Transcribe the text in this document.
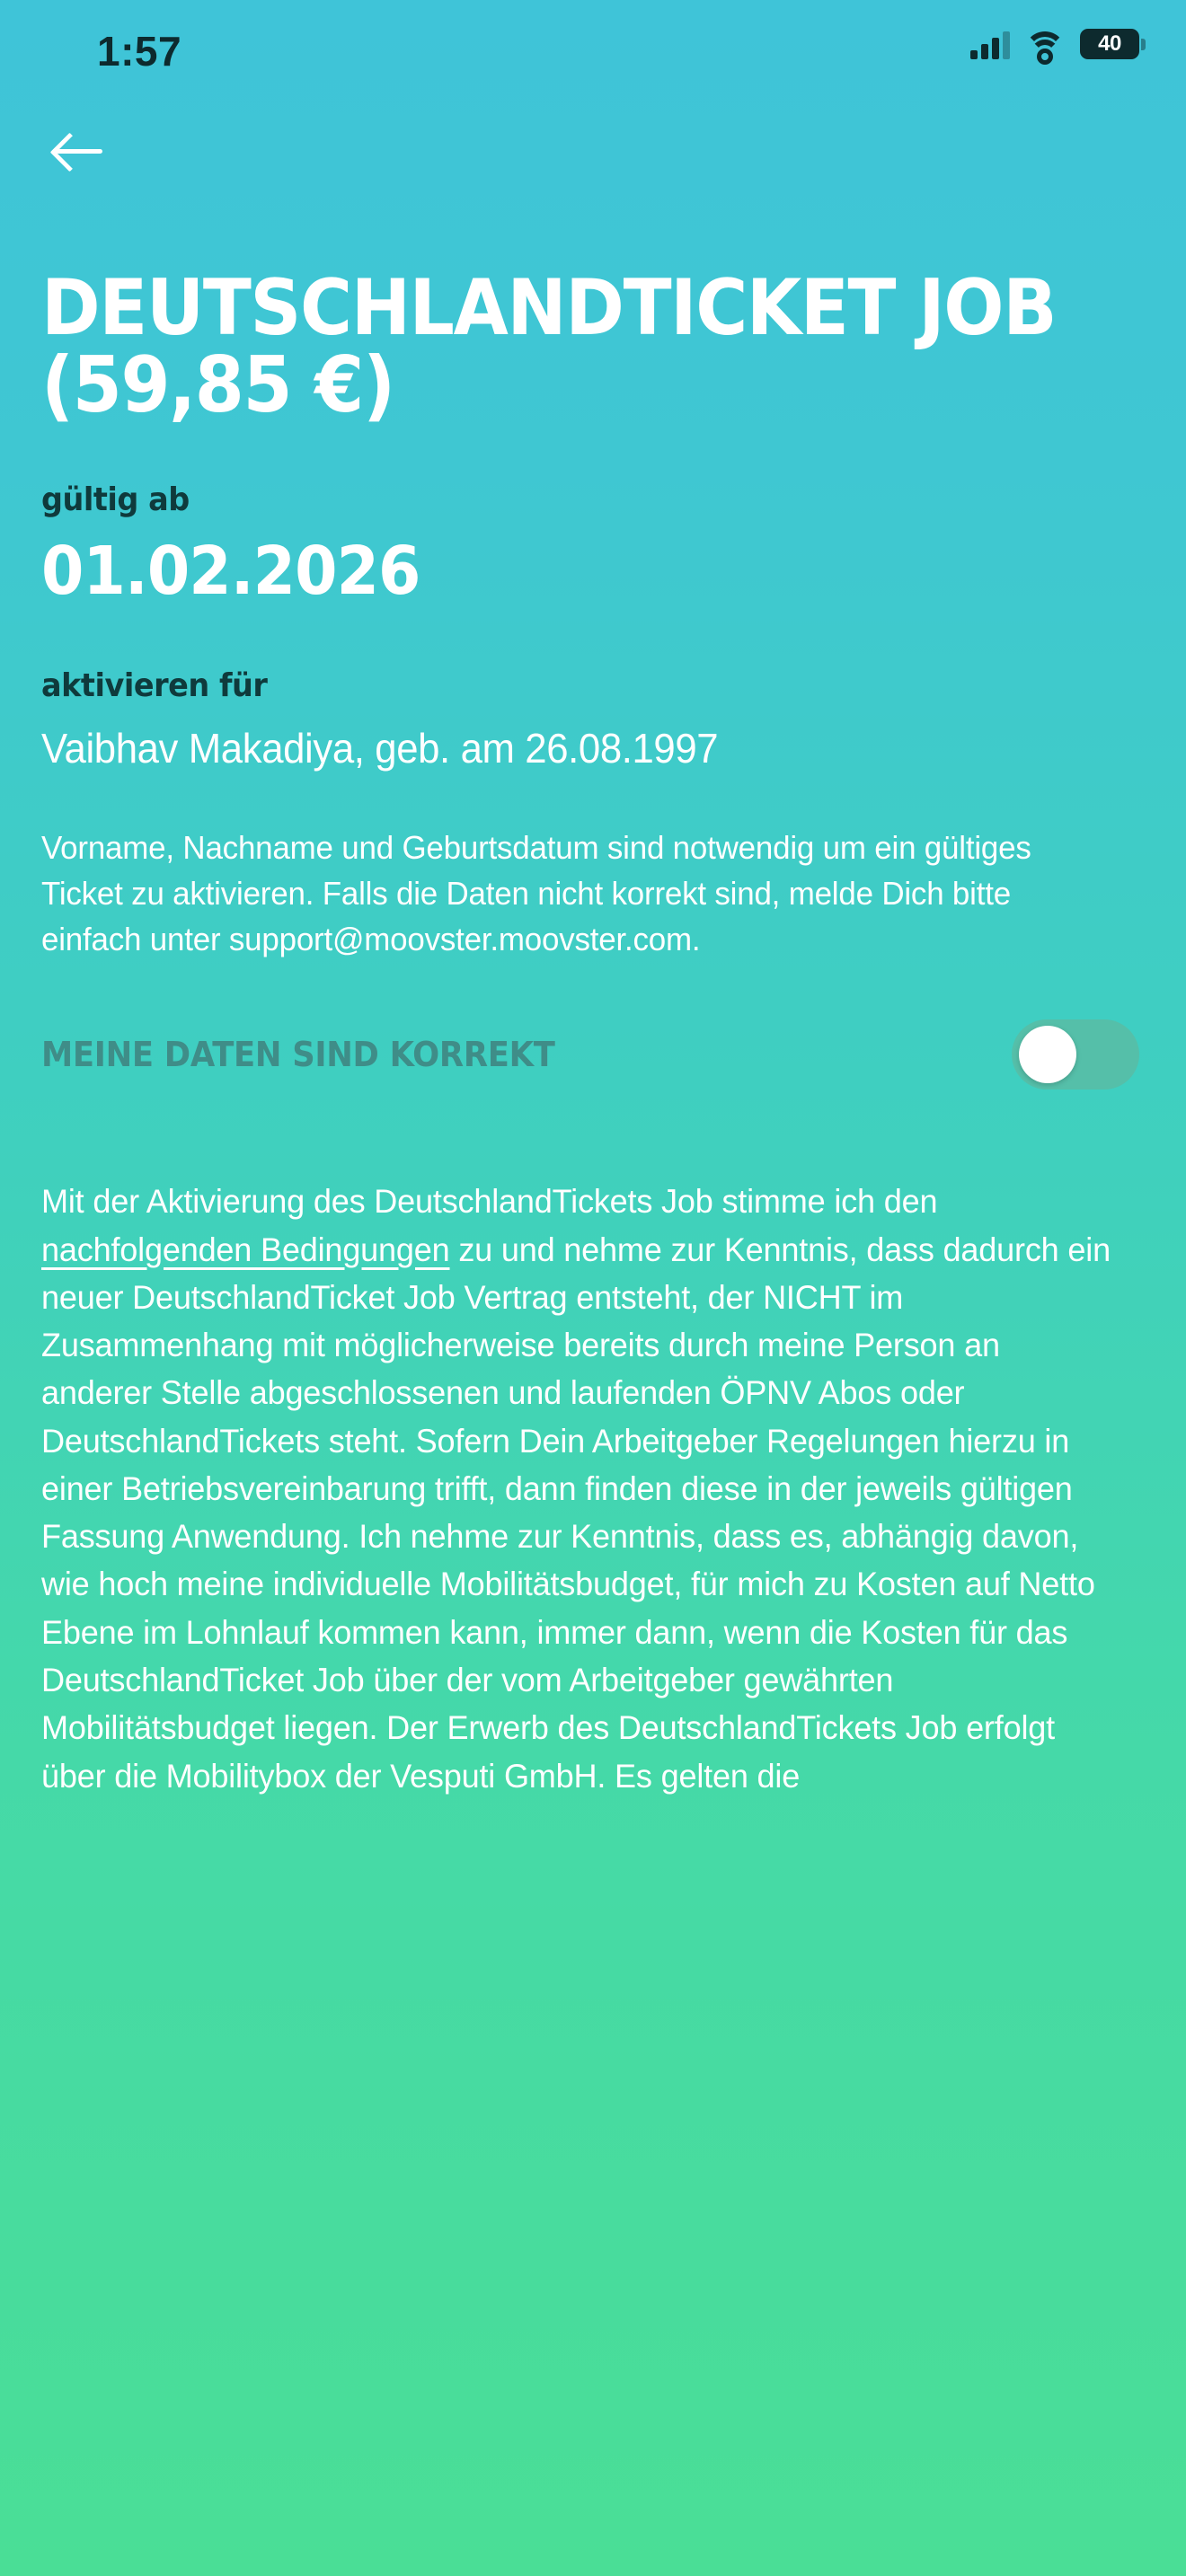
1:57	40
DEUTSCHLANDTICKET JOB (59,85 €)
gültig ab
01.02.2026
aktivieren für
Vaibhav Makadiya, geb. am 26.08.1997
Vorname, Nachname und Geburtsdatum sind notwendig um ein gültiges Ticket zu aktivieren. Falls die Daten nicht korrekt sind, melde Dich bitte einfach unter support@moovster.moovster.com.
MEINE DATEN SIND KORREKT
Mit der Aktivierung des DeutschlandTickets Job stimme ich den nachfolgenden Bedingungen zu und nehme zur Kenntnis, dass dadurch ein neuer DeutschlandTicket Job Vertrag entsteht, der NICHT im Zusammenhang mit möglicherweise bereits durch meine Person an anderer Stelle abgeschlossenen und laufenden ÖPNV Abos oder DeutschlandTickets steht. Sofern Dein Arbeitgeber Regelungen hierzu in einer Betriebsvereinbarung trifft, dann finden diese in der jeweils gültigen Fassung Anwendung. Ich nehme zur Kenntnis, dass es, abhängig davon, wie hoch meine individuelle Mobilitätsbudget, für mich zu Kosten auf Netto Ebene im Lohnlauf kommen kann, immer dann, wenn die Kosten für das DeutschlandTicket Job über der vom Arbeitgeber gewährten Mobilitätsbudget liegen. Der Erwerb des DeutschlandTickets Job erfolgt über die Mobilitybox der Vesputi GmbH. Es gelten die
